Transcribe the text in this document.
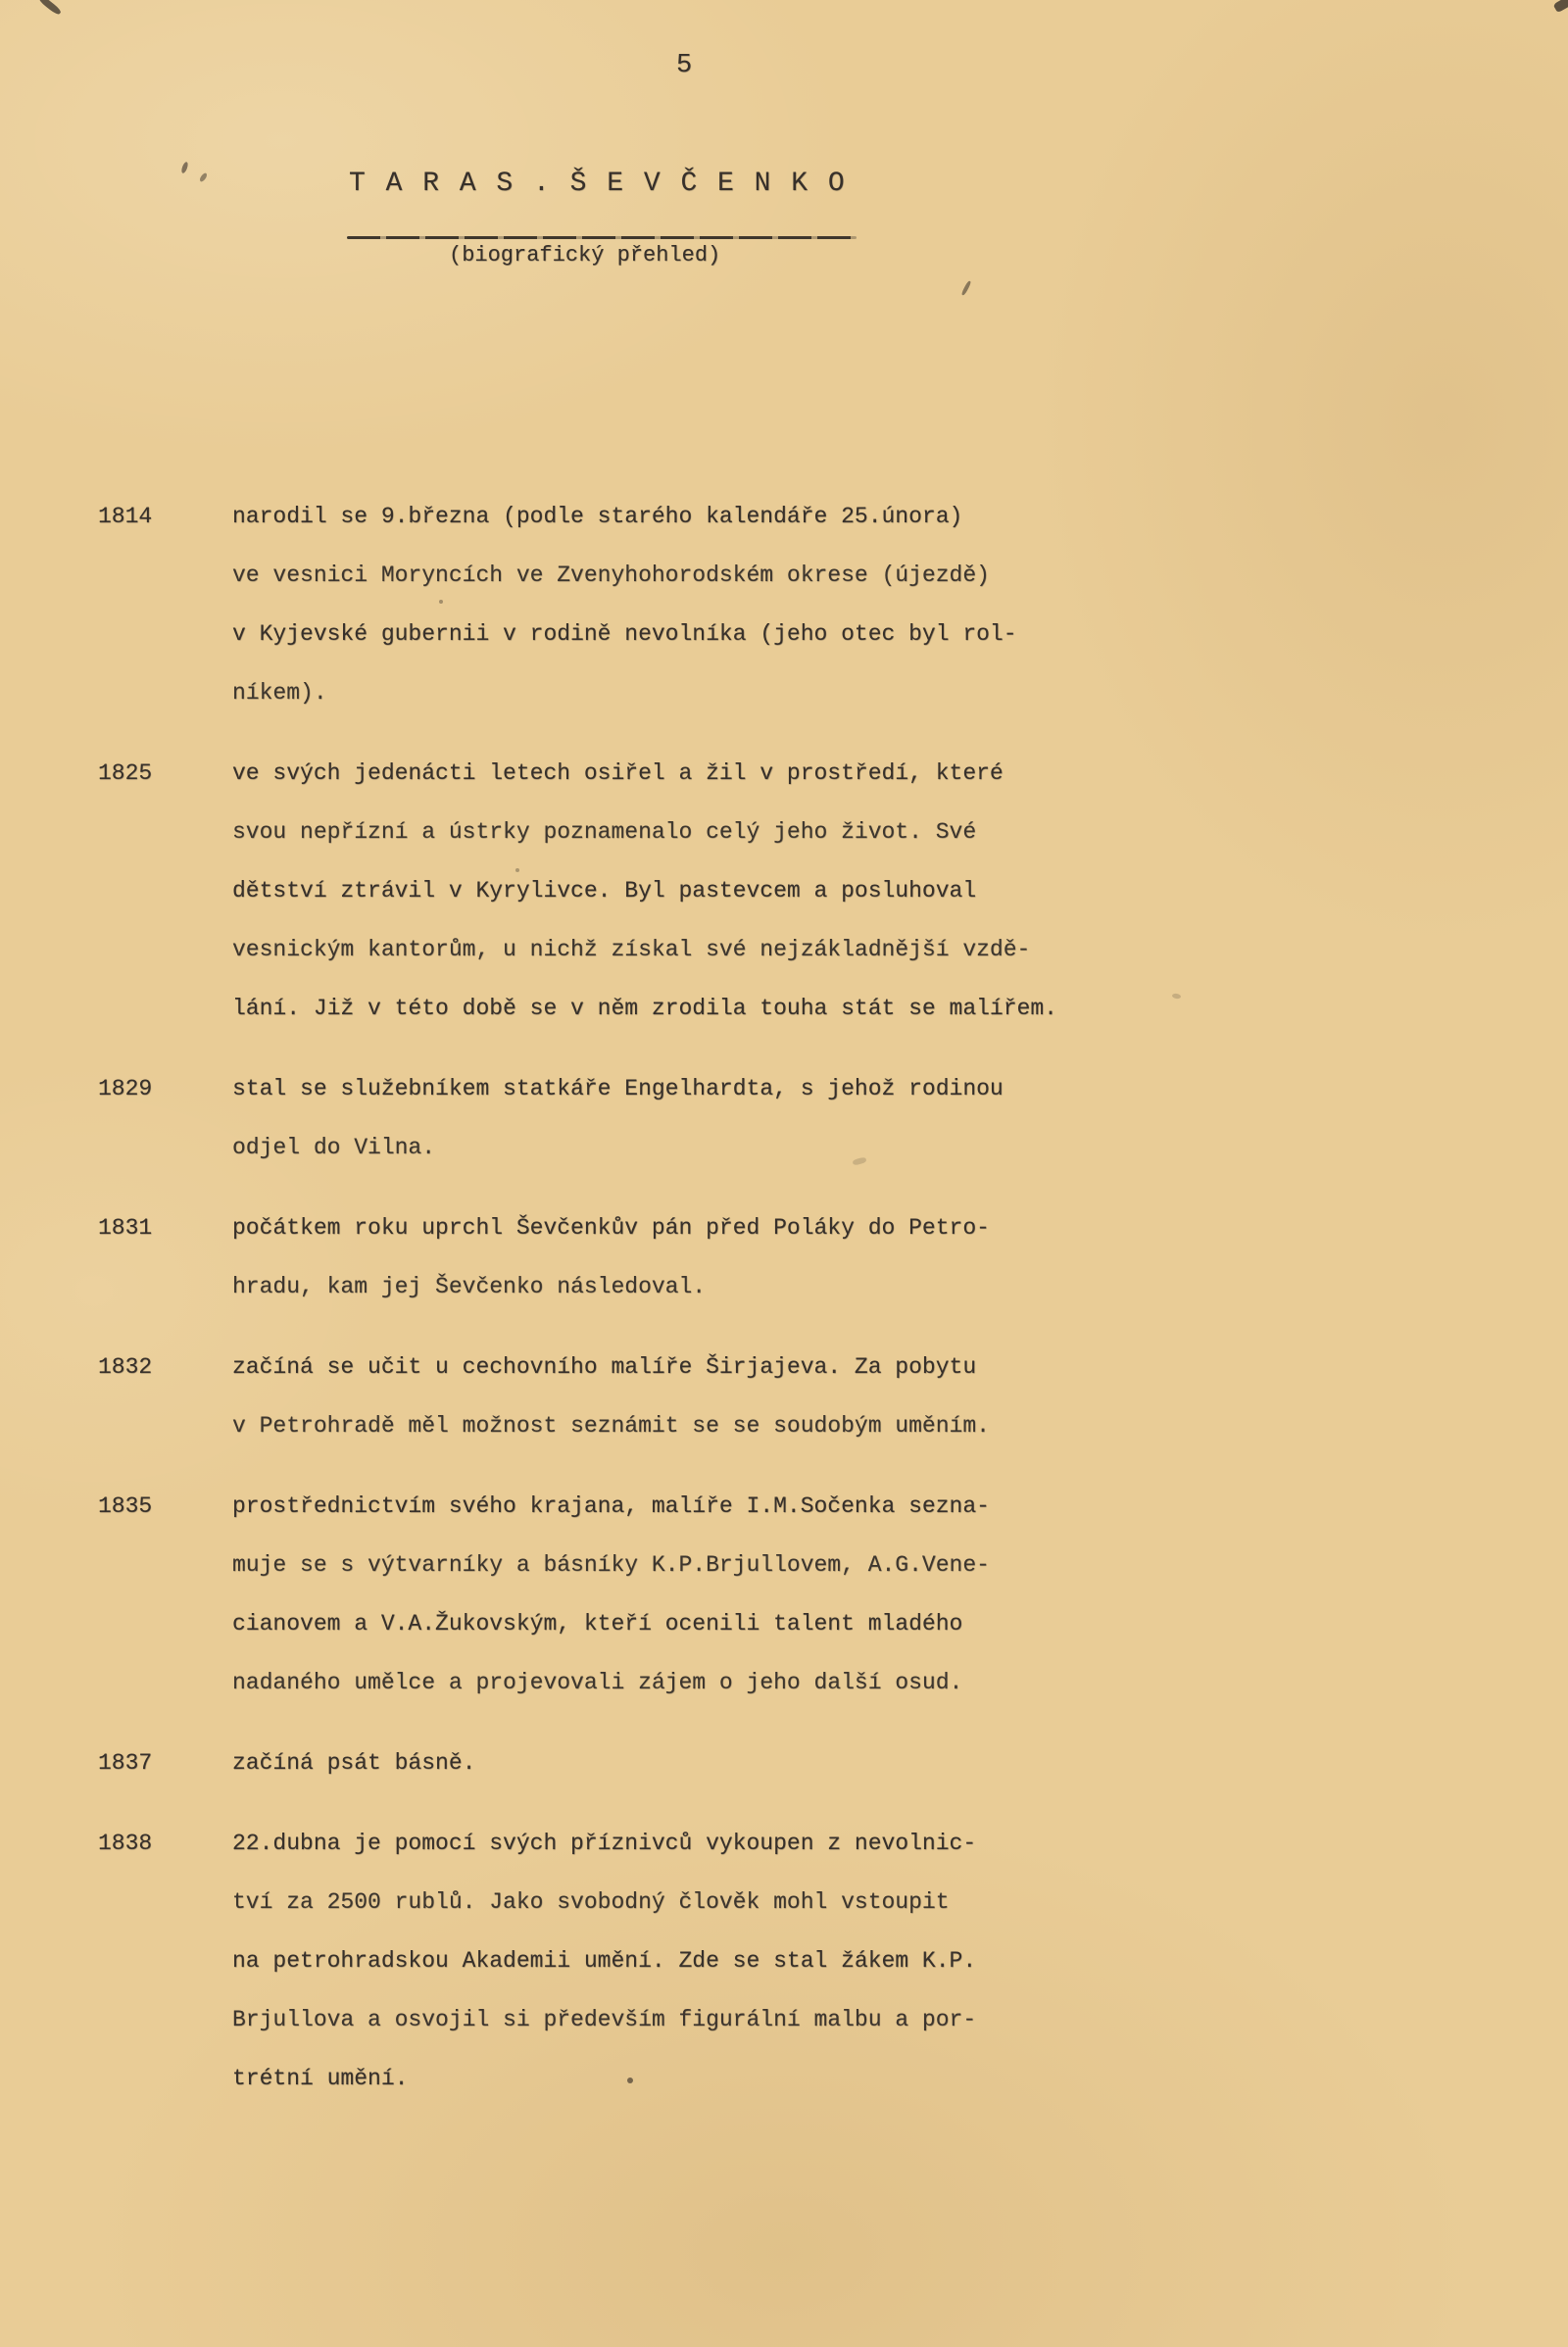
5
T A R A S . Š E V Č E N K O
(biografický přehled)
1814	narodil se 9.března (podle starého kalendáře 25.února)
ve vesnici Moryncích ve Zvenyhohorodském okrese (újezdě)
v Kyjevské gubernii v rodině nevolníka (jeho otec byl rol-
níkem).
1825	ve svých jedenácti letech osiřel a žil v prostředí, které
svou nepřízní a ústrky poznamenalo celý jeho život. Své
dětství ztrávil v Kyrylivce. Byl pastevcem a posluhoval
vesnickým kantorům, u nichž získal své nejzákladnější vzdě-
lání. Již v této době se v něm zrodila touha stát se malířem.
1829	stal se služebníkem statkáře Engelhardta, s jehož rodinou
odjel do Vilna.
1831	počátkem roku uprchl Ševčenkův pán před Poláky do Petro-
hradu, kam jej Ševčenko následoval.
1832	začíná se učit u cechovního malíře Širjajeva. Za pobytu
v Petrohradě měl možnost seznámit se se soudobým uměním.
1835	prostřednictvím svého krajana, malíře I.M.Sočenka sezna-
muje se s výtvarníky a básníky K.P.Brjullovem, A.G.Vene-
cianovem a V.A.Žukovským, kteří ocenili talent mladého
nadaného umělce a projevovali zájem o jeho další osud.
1837	začíná psát básně.
1838	22.dubna je pomocí svých příznivců vykoupen z nevolnic-
tví za 2500 rublů. Jako svobodný člověk mohl vstoupit
na petrohradskou Akademii umění. Zde se stal žákem K.P.
Brjullova a osvojil si především figurální malbu a por-
trétní umění.
